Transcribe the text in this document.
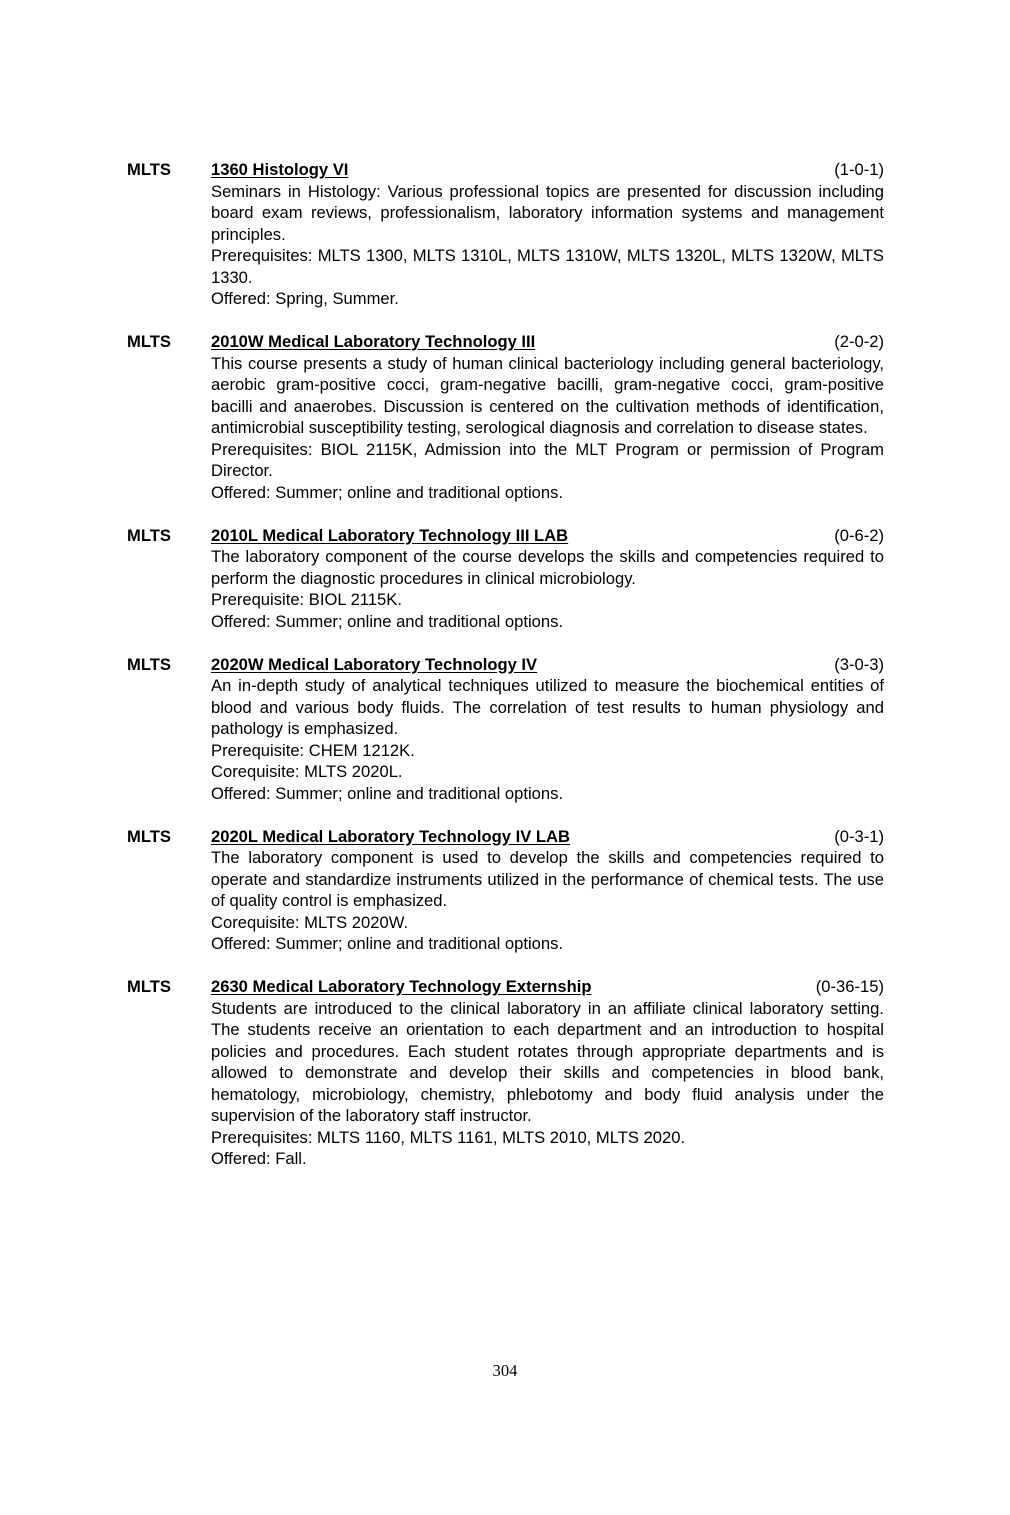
MLTS 1360 Histology VI	(1-0-1)

Seminars in Histology: Various professional topics are presented for discussion including board exam reviews, professionalism, laboratory information systems and management principles.

Prerequisites: MLTS 1300, MLTS 1310L, MLTS 1310W, MLTS 1320L, MLTS 1320W, MLTS 1330.

Offered: Spring, Summer.

MLTS 2010W Medical Laboratory Technology III	(2-0-2)

This course presents a study of human clinical bacteriology including general bacteriology, aerobic gram-positive cocci, gram-negative bacilli, gram-negative cocci, gram-positive bacilli and anaerobes. Discussion is centered on the cultivation methods of identification, antimicrobial susceptibility testing, serological diagnosis and correlation to disease states.

Prerequisites: BIOL 2115K, Admission into the MLT Program or permission of Program Director.

Offered: Summer; online and traditional options.

MLTS 2010L Medical Laboratory Technology III LAB	(0-6-2)

The laboratory component of the course develops the skills and competencies required to perform the diagnostic procedures in clinical microbiology.

Prerequisite: BIOL 2115K.

Offered: Summer; online and traditional options.

MLTS 2020W Medical Laboratory Technology IV	(3-0-3)

An in-depth study of analytical techniques utilized to measure the biochemical entities of blood and various body fluids. The correlation of test results to human physiology and pathology is emphasized.

Prerequisite: CHEM 1212K.

Corequisite: MLTS 2020L.

Offered: Summer; online and traditional options.

MLTS 2020L Medical Laboratory Technology IV LAB	(0-3-1)

The laboratory component is used to develop the skills and competencies required to operate and standardize instruments utilized in the performance of chemical tests. The use of quality control is emphasized.

Corequisite: MLTS 2020W.

Offered: Summer; online and traditional options.

MLTS 2630 Medical Laboratory Technology Externship	(0-36-15)

Students are introduced to the clinical laboratory in an affiliate clinical laboratory setting. The students receive an orientation to each department and an introduction to hospital policies and procedures. Each student rotates through appropriate departments and is allowed to demonstrate and develop their skills and competencies in blood bank, hematology, microbiology, chemistry, phlebotomy and body fluid analysis under the supervision of the laboratory staff instructor.

Prerequisites: MLTS 1160, MLTS 1161, MLTS 2010, MLTS 2020.

Offered: Fall.

304
